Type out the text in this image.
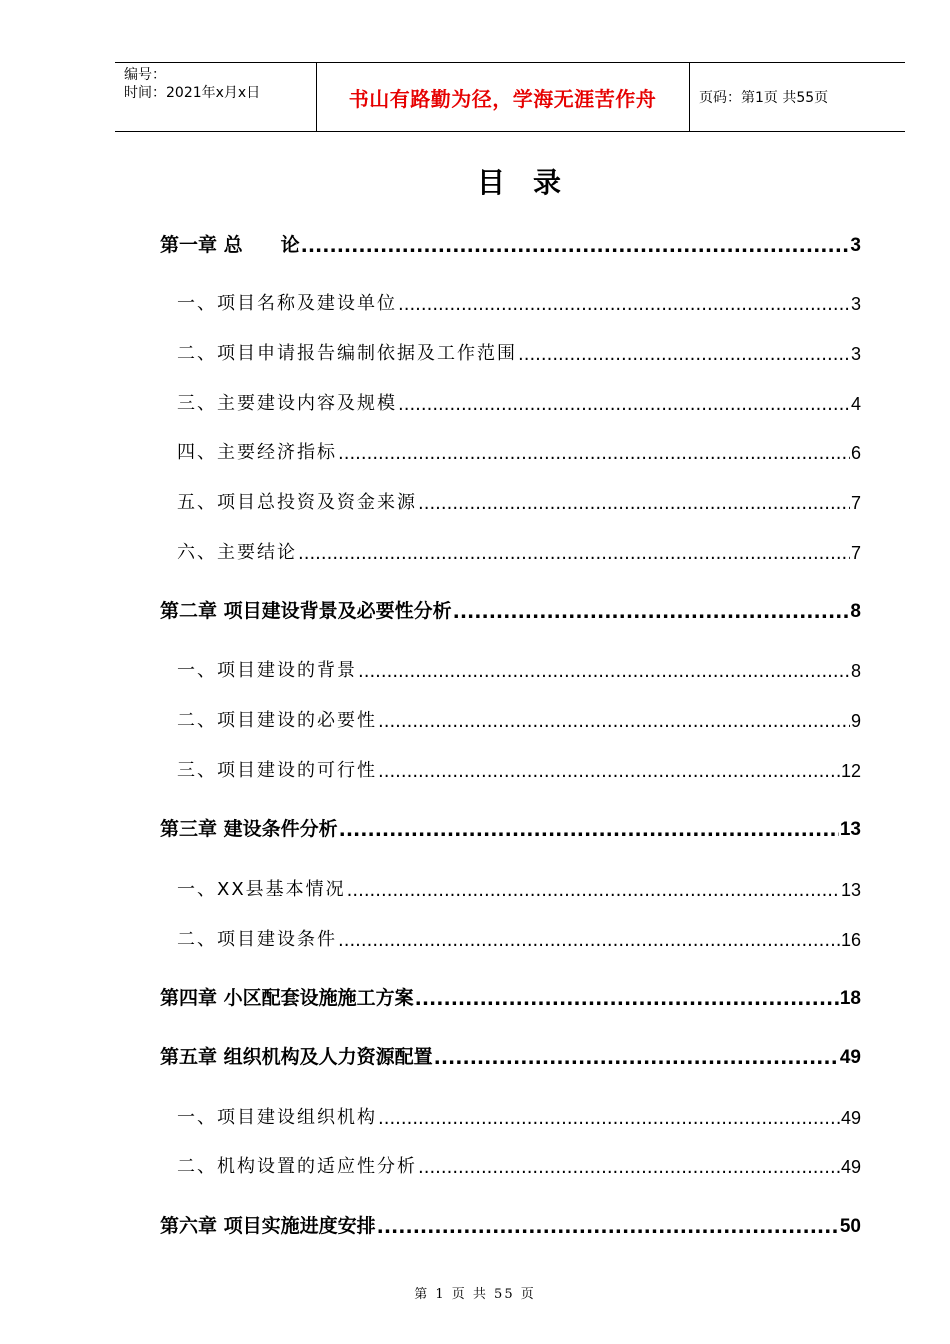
编号：
时间：2021年x月x日	书山有路勤为径，学海无涯苦作舟	页码：第1页 共55页
目录
第一章 总　　论 .....	3
一、项目名称及建设单位 .....	3
二、项目申请报告编制依据及工作范围 .....	3
三、主要建设内容及规模 .....	4
四、主要经济指标 .....	6
五、项目总投资及资金来源 .....	7
六、主要结论 .....	7
第二章 项目建设背景及必要性分析 .....	8
一、项目建设的背景 .....	8
二、项目建设的必要性 .....	9
三、项目建设的可行性 .....	12
第三章 建设条件分析 .....	13
一、XX县基本情况 .....	13
二、项目建设条件 .....	16
第四章 小区配套设施施工方案 .....	18
第五章 组织机构及人力资源配置 .....	49
一、项目建设组织机构 .....	49
二、机构设置的适应性分析 .....	49
第六章 项目实施进度安排 .....	50
第 1 页 共 55 页
